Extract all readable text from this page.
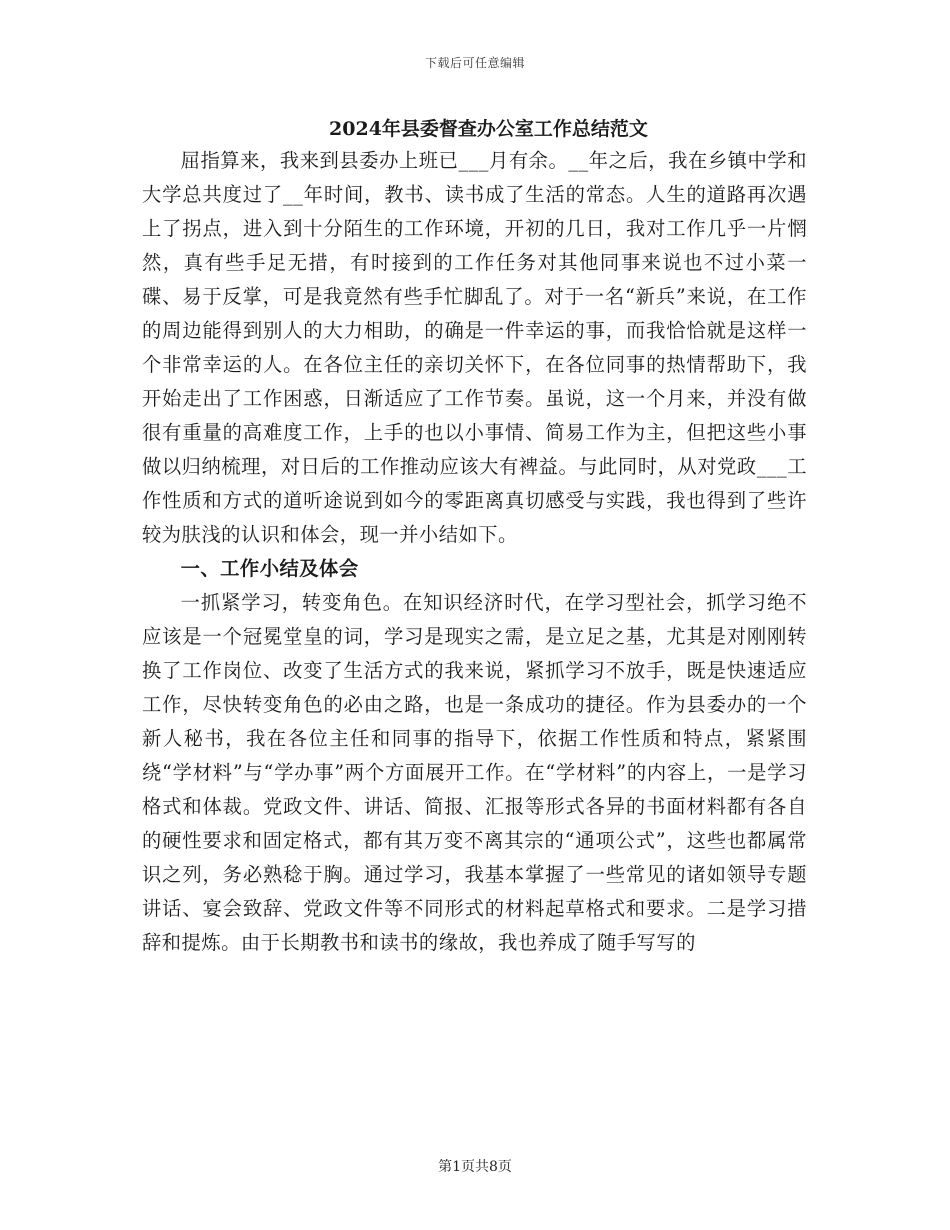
下载后可任意编辑
2024年县委督查办公室工作总结范文

屈指算来，我来到县委办上班已___月有余。__年之后，我在乡镇中学和大学总共度过了__年时间，教书、读书成了生活的常态。人生的道路再次遇上了拐点，进入到十分陌生的工作环境，开初的几日，我对工作几乎一片惘然，真有些手足无措，有时接到的工作任务对其他同事来说也不过小菜一碟、易于反掌，可是我竟然有些手忙脚乱了。对于一名“新兵”来说，在工作的周边能得到别人的大力相助，的确是一件幸运的事，而我恰恰就是这样一个非常幸运的人。在各位主任的亲切关怀下，在各位同事的热情帮助下，我开始走出了工作困惑，日渐适应了工作节奏。虽说，这一个月来，并没有做很有重量的高难度工作，上手的也以小事情、简易工作为主，但把这些小事做以归纳梳理，对日后的工作推动应该大有裨益。与此同时，从对党政___工作性质和方式的道听途说到如今的零距离真切感受与实践，我也得到了些许较为肤浅的认识和体会，现一并小结如下。

一、工作小结及体会

一抓紧学习，转变角色。在知识经济时代，在学习型社会，抓学习绝不应该是一个冠冕堂皇的词，学习是现实之需，是立足之基，尤其是对刚刚转换了工作岗位、改变了生活方式的我来说，紧抓学习不放手，既是快速适应工作，尽快转变角色的必由之路，也是一条成功的捷径。作为县委办的一个新人秘书，我在各位主任和同事的指导下，依据工作性质和特点，紧紧围绕“学材料”与“学办事”两个方面展开工作。在“学材料”的内容上，一是学习格式和体裁。党政文件、讲话、简报、汇报等形式各异的书面材料都有各自的硬性要求和固定格式，都有其万变不离其宗的“通项公式”，这些也都属常识之列，务必熟稔于胸。通过学习，我基本掌握了一些常见的诸如领导专题讲话、宴会致辞、党政文件等不同形式的材料起草格式和要求。二是学习措辞和提炼。由于长期教书和读书的缘故，我也养成了随手写写的

第1页共8页
